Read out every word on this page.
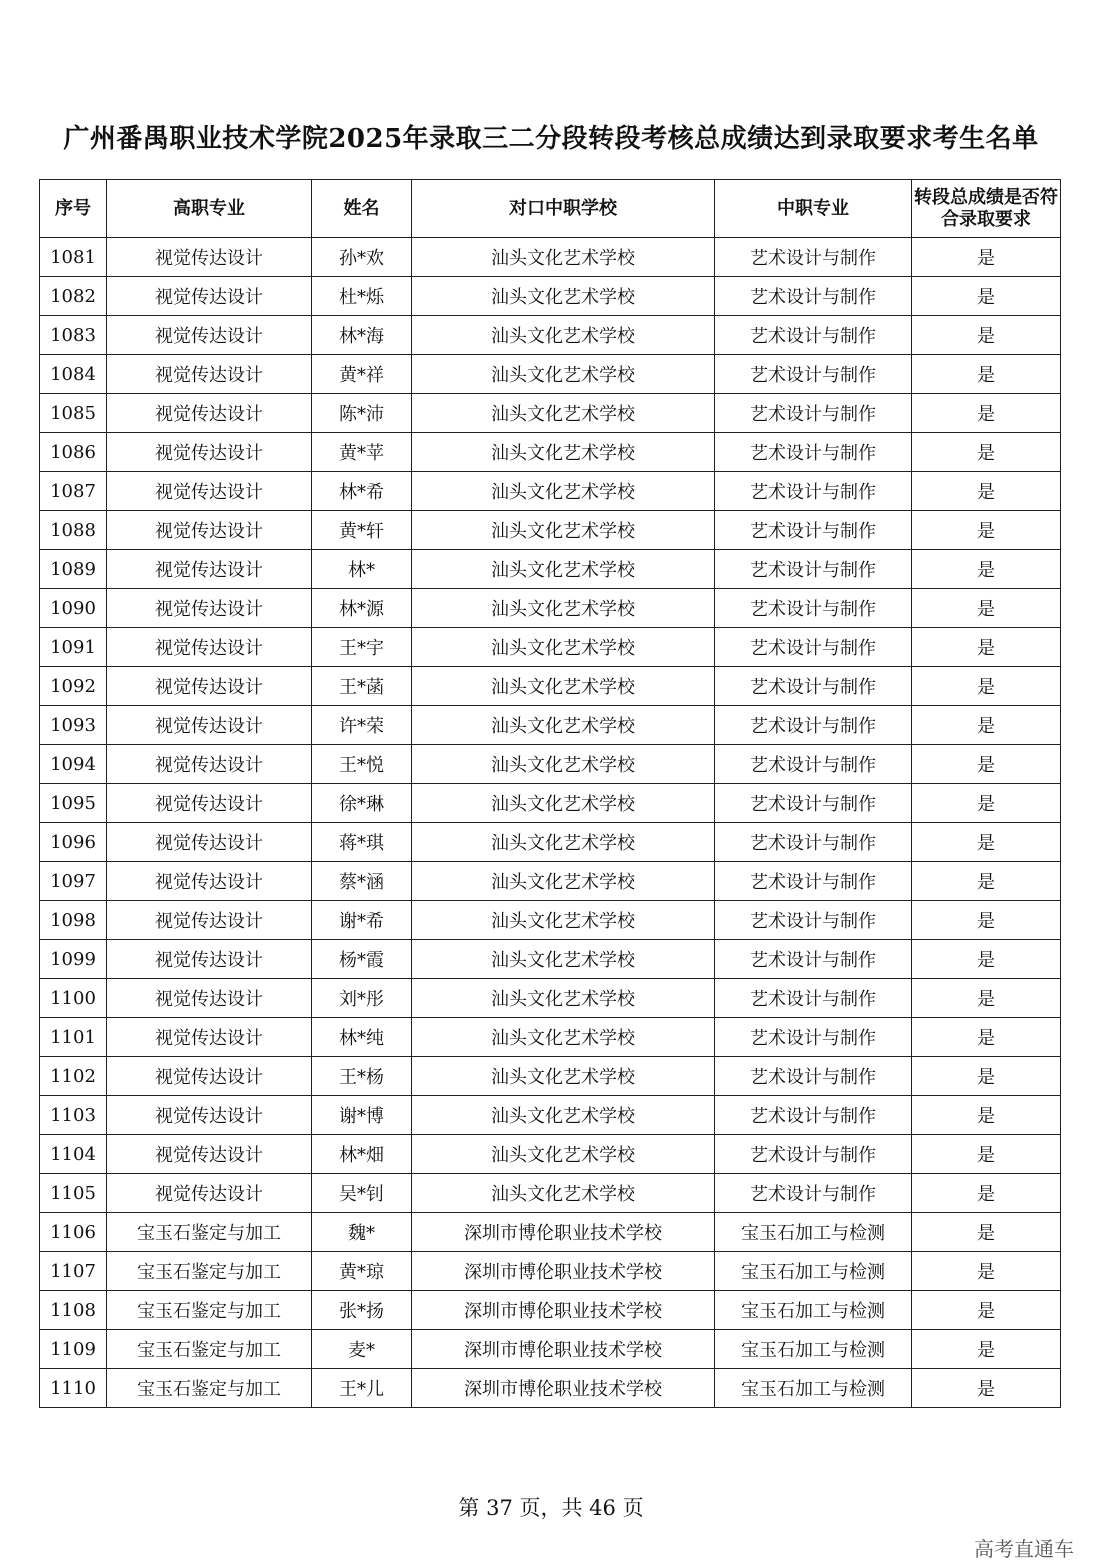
广州番禺职业技术学院2025年录取三二分段转段考核总成绩达到录取要求考生名单
序号	高职专业	姓名	对口中职学校	中职专业	转段总成绩是否符合录取要求
1081	视觉传达设计	孙*欢	汕头文化艺术学校	艺术设计与制作	是
1082	视觉传达设计	杜*烁	汕头文化艺术学校	艺术设计与制作	是
1083	视觉传达设计	林*海	汕头文化艺术学校	艺术设计与制作	是
1084	视觉传达设计	黄*祥	汕头文化艺术学校	艺术设计与制作	是
1085	视觉传达设计	陈*沛	汕头文化艺术学校	艺术设计与制作	是
1086	视觉传达设计	黄*苹	汕头文化艺术学校	艺术设计与制作	是
1087	视觉传达设计	林*希	汕头文化艺术学校	艺术设计与制作	是
1088	视觉传达设计	黄*轩	汕头文化艺术学校	艺术设计与制作	是
1089	视觉传达设计	林*	汕头文化艺术学校	艺术设计与制作	是
1090	视觉传达设计	林*源	汕头文化艺术学校	艺术设计与制作	是
1091	视觉传达设计	王*宇	汕头文化艺术学校	艺术设计与制作	是
1092	视觉传达设计	王*菡	汕头文化艺术学校	艺术设计与制作	是
1093	视觉传达设计	许*荣	汕头文化艺术学校	艺术设计与制作	是
1094	视觉传达设计	王*悦	汕头文化艺术学校	艺术设计与制作	是
1095	视觉传达设计	徐*琳	汕头文化艺术学校	艺术设计与制作	是
1096	视觉传达设计	蒋*琪	汕头文化艺术学校	艺术设计与制作	是
1097	视觉传达设计	蔡*涵	汕头文化艺术学校	艺术设计与制作	是
1098	视觉传达设计	谢*希	汕头文化艺术学校	艺术设计与制作	是
1099	视觉传达设计	杨*霞	汕头文化艺术学校	艺术设计与制作	是
1100	视觉传达设计	刘*彤	汕头文化艺术学校	艺术设计与制作	是
1101	视觉传达设计	林*纯	汕头文化艺术学校	艺术设计与制作	是
1102	视觉传达设计	王*杨	汕头文化艺术学校	艺术设计与制作	是
1103	视觉传达设计	谢*博	汕头文化艺术学校	艺术设计与制作	是
1104	视觉传达设计	林*畑	汕头文化艺术学校	艺术设计与制作	是
1105	视觉传达设计	吴*钊	汕头文化艺术学校	艺术设计与制作	是
1106	宝玉石鉴定与加工	魏*	深圳市博伦职业技术学校	宝玉石加工与检测	是
1107	宝玉石鉴定与加工	黄*琼	深圳市博伦职业技术学校	宝玉石加工与检测	是
1108	宝玉石鉴定与加工	张*扬	深圳市博伦职业技术学校	宝玉石加工与检测	是
1109	宝玉石鉴定与加工	麦*	深圳市博伦职业技术学校	宝玉石加工与检测	是
1110	宝玉石鉴定与加工	王*儿	深圳市博伦职业技术学校	宝玉石加工与检测	是
第 37 页，共 46 页
高考直通车
